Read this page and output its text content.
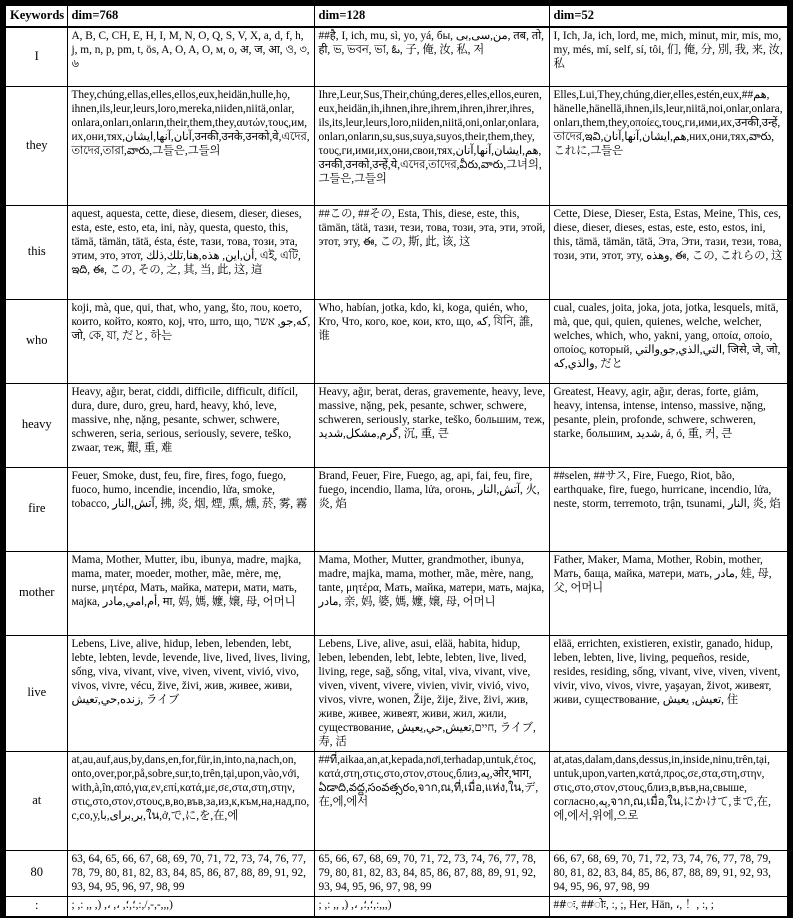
Keywords	dim=768	dim=128	dim=52
I	A,​ B,​ C,​ CH,​ E,​ H,​ I,​ M,​ N,​ O,​ Q,​ S,​ V,​ X,​ a,​ d,​ f,​ h,​ j,​ m,​ n,​ p,​ pm,​ t,​ ös,​ A,​ O,​ A,​ O,​ м,​ о,​ अ,​ ज,​ आ,​ ও,​ ৩,​ ৬	##है,​ I,​ ich,​ mu,​ sì,​ yo,​ yá,​ бы,​ من,​سی,​بی,​ तब,​ तो,​ ही,​ ভ,​ ভবন,​ ভা,​ ఓ,​ 子,​ 俺,​ 汝,​ 私,​ 저	I,​ Ich,​ Ja,​ ich,​ lord,​ me,​ mich,​ minut,​ mir,​ mis,​ mo,​ my,​ més,​ mí,​ self,​ sí,​ tôi,​ 们,​ 俺,​ 分,​ 別,​ 我,​ 来,​ 汝,​ 私
they	They,​chúng,​ellas,​elles,​ellos,​eux,​heidän,​hulle,​họ,​ihnen,​ils,​leur,​leurs,​loro,​mereka,​niiden,​niitä,​onlar,​onlara,​onları,​onların,​their,​them,​they,​αυτών,​τους,​им,​их,​они,​тях,​آنان,​آنها,​ایشان,​उनकी,​उनके,​उनको,​वे,​এদের,​তাদের,​তারা,​వారు,​그들은,​그들의	Ihre,​Leur,​Sus,​Their,​chúng,​deres,​elles,​ellos,​euren,​eux,​heidän,​ih,​ihnen,​ihre,​ihrem,​ihren,​ihrer,​ihres,​ils,​its,​leur,​leurs,​loro,​niiden,​niitä,​oni,​onlar,​onlara,​onları,​onların,​su,​sus,​suya,​suyos,​their,​them,​they,​τους,​ги,​ими,​их,​они,​свои,​тях,​هم,​ایشان,​آنها,​آنان,​उनकी,​उनको,​उन्हें,​ये,​এদের,​তাদের,​వీరు,​వారు,​그녀의,​그들은,​그들의	Elles,​Lui,​They,​chúng,​dier,​elles,​estén,​eux,​##هم,​hänelle,​hänellä,​ihnen,​ils,​leur,​niitä,​noi,​onlar,​onlara,​onları,​them,​they,​οποίες,​τους,​ги,​ими,​их,​उनकी,​उन्हें,​তাদের,​ఇవి,​هم,​ایشان,​آنها,​آنان,​них,​они,​тях,​వారు,​これに,​그들은
this	aquest,​ aquesta,​ cette,​ diese,​ diesem,​ dieser,​ dieses,​ esta,​ este,​ esto,​ eta,​ ini,​ này,​ questa,​ questo,​ this,​ tämä,​ tämän,​ tätä,​ ésta,​ éste,​ тази,​ това,​ този,​ эта,​ этим,​ это,​ этот,​ أن,​این,​ هذه,​هنا,​تلك,​ذلك,​ এই,​ এটি,​ ఇది,​ ఈ,​ この,​ その,​ 之,​ 其,​ 当,​ 此,​ 这,​ 這	##この,​ ##その,​ Esta,​ This,​ diese,​ este,​ this,​ tämän,​ tätä,​ тази,​ тези,​ това,​ този,​ эта,​ эти,​ этой,​ этот,​ эту,​ ఈ,​ この,​ 斯,​ 此,​ 该,​ 这	Cette,​ Diese,​ Dieser,​ Esta,​ Estas,​ Meine,​ This,​ ces,​ diese,​ dieser,​ dieses,​ estas,​ este,​ esto,​ estos,​ ini,​ this,​ tämä,​ tämän,​ tätä,​ Эта,​ Эти,​ тази,​ тези,​ това,​ този,​ эти,​ этот,​ эту,​ وهذه,​ ఈ,​ この,​ これらの,​ 这
who	koji,​ mà,​ que,​ qui,​ that,​ who,​ yang,​ što,​ που,​ което,​ които,​ който,​ която,​ кој,​ что,​ што,​ що,​ که,​جو,​ אשר,​ जो,​ কে,​ যা,​ だと,​ 하는	Who,​ habían,​ jotka,​ kdo,​ ki,​ koga,​ quién,​ who,​ Кто,​ Что,​ кого,​ кое,​ кои,​ кто,​ що,​ که,​ যিনি,​ 誰,​ 谁	cual,​ cuales,​ joita,​ joka,​ jota,​ jotka,​ lesquels,​ mitä,​ mà,​ que,​ qui,​ quien,​ quienes,​ welche,​ welcher,​ welches,​ which,​ who,​ yakni,​ yang,​ οποία,​ οποίο,​ οποίος,​ который,​ التي,​الذي,​جو,​والتي,​ जिसे,​ जे,​ जो,​ والذي,​كه,​ だと
heavy	Heavy,​ ağır,​ berat,​ ciddi,​ difficile,​ difficult,​ difícil,​ dura,​ dure,​ duro,​ greu,​ hard,​ heavy,​ khó,​ leve,​ massive,​ nhẹ,​ nặng,​ pesante,​ schwer,​ schwere,​ schweren,​ seria,​ serious,​ seriously,​ severe,​ teško,​ zwaar,​ теж,​ 艱,​ 重,​ 难	Heavy,​ ağır,​ berat,​ deras,​ gravemente,​ heavy,​ leve,​ massive,​ nặng,​ pek,​ pesante,​ schwer,​ schwere,​ schweren,​ seriously,​ starke,​ teško,​ большим,​ теж,​ گرم,​مشكل,​شدید,​ 沉,​ 重,​ 큰	Greatest,​ Heavy,​ agir,​ ağır,​ deras,​ forte,​ giảm,​ heavy,​ intensa,​ intense,​ intenso,​ massive,​ nặng,​ pesante,​ plein,​ profonde,​ schwere,​ schweren,​ starke,​ большим,​ شدید,​ á,​ ó,​ 重,​ 커,​ 큰
fire	Feuer,​ Smoke,​ dust,​ feu,​ fire,​ fires,​ fogo,​ fuego,​ fuoco,​ humo,​ incendie,​ incendio,​ lửa,​ smoke,​ tobacco,​ آتش,​النار,​ 拂,​ 炎,​ 烟,​ 煙,​ 熏,​ 燻,​ 菸,​ 雾,​ 霧	Brand,​ Feuer,​ Fire,​ Fuego,​ ag,​ api,​ fai,​ feu,​ fire,​ fuego,​ incendio,​ llama,​ lửa,​ огонь,​ آتش,​النار,​ 火,​ 炎,​ 焰	##selen,​ ##サス,​ Fire,​ Fuego,​ Riot,​ bão,​ earthquake,​ fire,​ fuego,​ hurricane,​ incendio,​ lửa,​ neste,​ storm,​ terremoto,​ trận,​ tsunami,​ النار,​ 炎,​ 焰
mother	Mama,​ Mother,​ Mutter,​ ibu,​ ibunya,​ madre,​ majka,​ mama,​ mater,​ moeder,​ mother,​ mãe,​ mère,​ mẹ,​ nurse,​ μητέρα,​ Мать,​ майка,​ матери,​ мати,​ мать,​ мајка,​ أم,​امي,​مادر,​ मा,​ 妈,​ 媽,​ 嬤,​ 嬢,​ 母,​ 어머니	Mama,​ Mother,​ Mutter,​ grandmother,​ ibunya,​ madre,​ majka,​ mama,​ mother,​ mãe,​ mère,​ nang,​ tante,​ μητέρα,​ Мать,​ майка,​ матери,​ мать,​ мајка,​ مادر,​ 亲,​ 妈,​ 婆,​ 媽,​ 嬤,​ 嬢,​ 母,​ 어머니	Father,​ Maker,​ Mama,​ Mother,​ Robin,​ mother,​ Мать,​ баща,​ майка,​ матери,​ мать,​ مادر,​ 娃,​ 母,​ 父,​ 어머니
live	Lebens,​ Live,​ alive,​ hidup,​ leben,​ lebenden,​ lebt,​ lebte,​ lebten,​ levde,​ levende,​ live,​ lived,​ lives,​ living,​ sống,​ viva,​ vivant,​ vive,​ viven,​ vivent,​ vivió,​ vivo,​ vivos,​ vivre,​ vécu,​ žive,​ živi,​ жив,​ живее,​ живи,​ زنده,​حي,​تعيش,​ ライブ	Lebens,​ Live,​ alive,​ asui,​ elää,​ habita,​ hidup,​ leben,​ lebenden,​ lebt,​ lebte,​ lebten,​ live,​ lived,​ living,​ rege,​ sağ,​ sống,​ vital,​ viva,​ vivant,​ vive,​ viven,​ vivent,​ vivere,​ vivien,​ vivir,​ vivió,​ vivo,​ vivos,​ vivre,​ wonen,​ Žije,​ žije,​ žive,​ živi,​ жив,​ живе,​ живее,​ живеят,​ живи,​ жил,​ жили,​ существование,​ חיים,​تعيش,​حي,​يعيش,​ ライブ,​ 寿,​ 活	elää,​ errichten,​ existieren,​ existir,​ ganado,​ hidup,​ leben,​ lebten,​ live,​ living,​ pequeños,​ reside,​ resides,​ residing,​ sống,​ vivant,​ vive,​ viven,​ vivent,​ vivir,​ vivo,​ vivos,​ vivre,​ yaşayan,​ život,​ живеят,​ живи,​ существование,​ تعيش,​ يعيش,​ 住
at	at,​au,​auf,​aus,​by,​dans,​en,​for,​für,​in,​into,​na,​nach,​on,​onto,​over,​por,​på,​sobre,​sur,​to,​trên,​tại,​upon,​vào,​với,​with,​à,​în,​από,​για,​εν,​επί,​κατά,​με,​σε,​στα,​στη,​στην,​στις,​στο,​στον,​στους,​в,​во,​във,​за,​из,​к,​към,​на,​над,​по,​с,​со,​у,​بر,​برای,​با,​ใน,​ở,​で,​に,​を,​在,​에	##ที่,​aikaa,​an,​at,​kepada,​nơi,​terhadap,​untuk,​έτος,​κατά,​στη,​στις,​στο,​στον,​στους,​близ,​په,​ओर,​भाग,​ఏడాది,​వద్ద,​సంవత్సరం,​จาก,​ณ,​ที่,​เมื่อ,​แห่ง,​ใน,​デ,​在,​에,​에서	at,​atas,​dalam,​dans,​dessus,​in,​inside,​ninu,​trên,​tại,​untuk,​upon,​varten,​κατά,​προς,​σε,​στα,​στη,​στην,​στις,​στο,​στον,​στους,​близ,​в,​във,​на,​свыше,​согласно,​په,​จาก,​ณ,​เมื่อ,​ใน,​にかけて,​まで,​在,​에,​에서,​위에,​으로
80	63,​ 64,​ 65,​ 66,​ 67,​ 68,​ 69,​ 70,​ 71,​ 72,​ 73,​ 74,​ 76,​ 77,​ 78,​ 79,​ 80,​ 81,​ 82,​ 83,​ 84,​ 85,​ 86,​ 87,​ 88,​ 89,​ 91,​ 92,​ 93,​ 94,​ 95,​ 96,​ 97,​ 98,​ 99	65,​ 66,​ 67,​ 68,​ 69,​ 70,​ 71,​ 72,​ 73,​ 74,​ 76,​ 77,​ 78,​ 79,​ 80,​ 81,​ 82,​ 83,​ 84,​ 85,​ 86,​ 87,​ 88,​ 89,​ 91,​ 92,​ 93,​ 94,​ 95,​ 96,​ 97,​ 98,​ 99	66,​ 67,​ 68,​ 69,​ 70,​ 71,​ 72,​ 73,​ 74,​ 76,​ 77,​ 78,​ 79,​ 80,​ 81,​ 82,​ 83,​ 84,​ 85,​ 86,​ 87,​ 88,​ 89,​ 91,​ 92,​ 93,​ 94,​ 95,​ 96,​ 97,​ 98,​ 99
:	; ,​: ,​,​ ,​) ,​، ,​، ,​؛,​؛,​:,​/,​-,​-,​,​,​)	; ,​: ,​,​ ,​) ,​، ,​؛,​؛,​:,​,​,​)	##ः,​ ##ोः,​ :,​ ;,​ Her,​ Hän,​ ،,​ ！,​ :,​ ;
